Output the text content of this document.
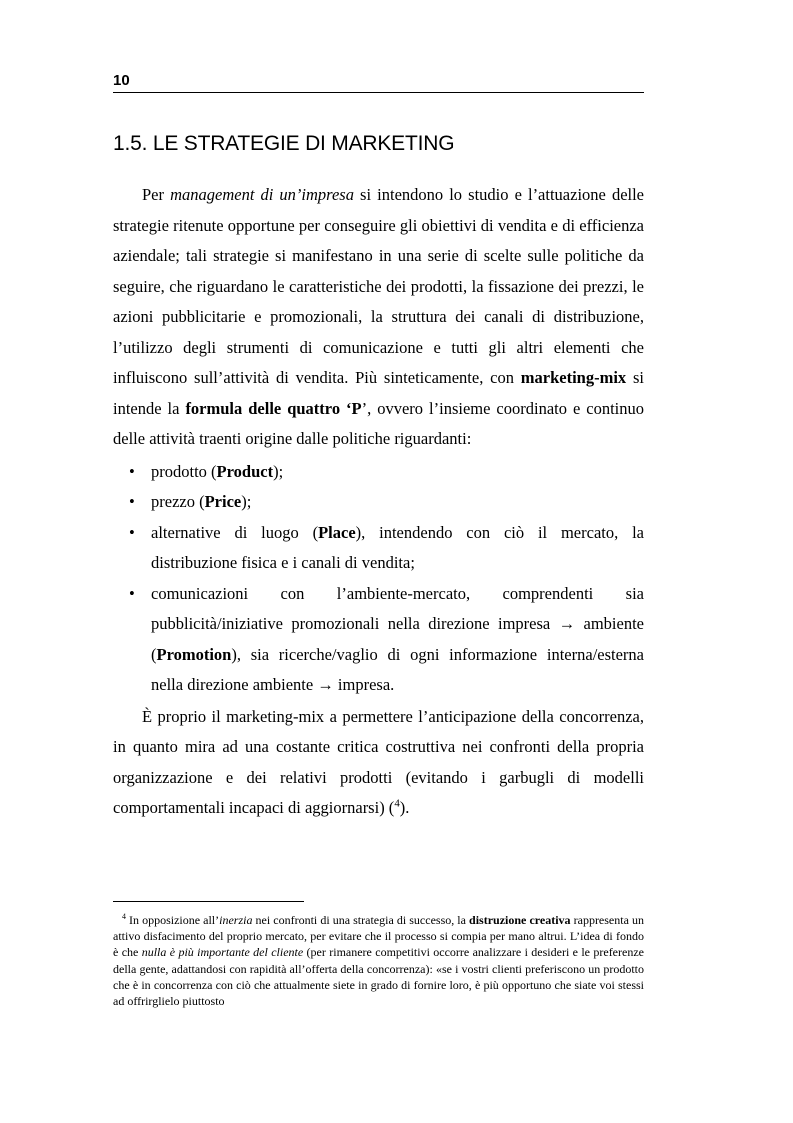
10
1.5. LE STRATEGIE DI MARKETING

Per management di un’impresa si intendono lo studio e l’attuazione delle strategie ritenute opportune per conseguire gli obiettivi di vendita e di efficienza aziendale; tali strategie si manifestano in una serie di scelte sulle politiche da seguire, che riguardano le caratteristiche dei prodotti, la fissazione dei prezzi, le azioni pubblicitarie e promozionali, la struttura dei canali di distribuzione, l’utilizzo degli strumenti di comunicazione e tutti gli altri elementi che influiscono sull’attività di vendita. Più sinteticamente, con marketing-mix si intende la formula delle quattro ‘P’, ovvero l’insieme coordinato e continuo delle attività traenti origine dalle politiche riguardanti:

• prodotto (Product);
• prezzo (Price);
• alternative di luogo (Place), intendendo con ciò il mercato, la distribuzione fisica e i canali di vendita;
• comunicazioni con l’ambiente-mercato, comprendenti sia pubblicità/iniziative promozionali nella direzione impresa → ambiente (Promotion), sia ricerche/vaglio di ogni informazione interna/esterna nella direzione ambiente → impresa.

È proprio il marketing-mix a permettere l’anticipazione della concorrenza, in quanto mira ad una costante critica costruttiva nei confronti della propria organizzazione e dei relativi prodotti (evitando i garbugli di modelli comportamentali incapaci di aggiornarsi) ($^4$).

$^4$ In opposizione all’inerzia nei confronti di una strategia di successo, la distruzione creativa rappresenta un attivo disfacimento del proprio mercato, per evitare che il processo si compia per mano altrui. L’idea di fondo è che nulla è più importante del cliente (per rimanere competitivi occorre analizzare i desideri e le preferenze della gente, adattandosi con rapidità all’offerta della concorrenza): «se i vostri clienti preferiscono un prodotto che è in concorrenza con ciò che attualmente siete in grado di fornire loro, è più opportuno che siate voi stessi ad offrirglielo piuttosto
